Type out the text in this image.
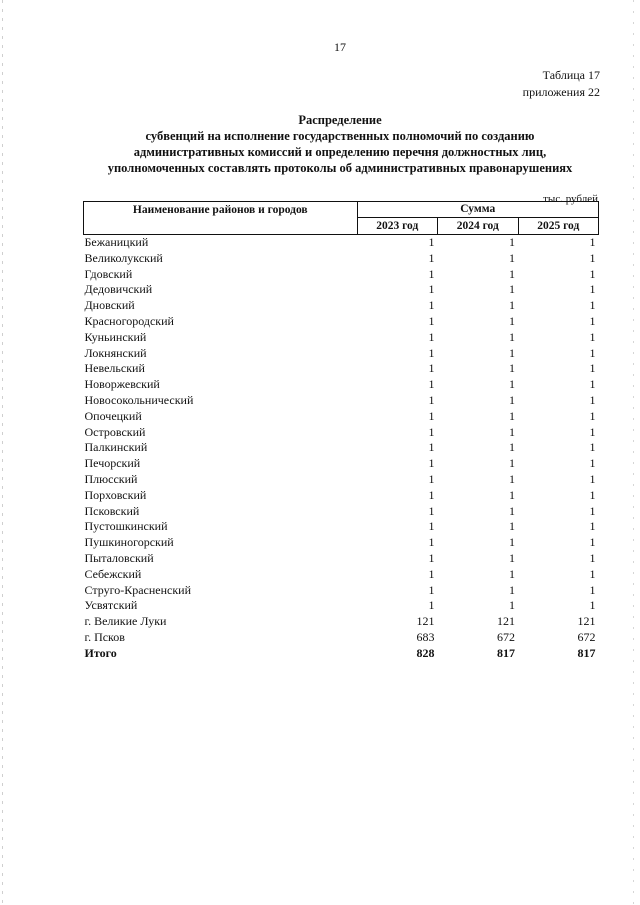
17
Таблица 17
приложения 22
Распределение
субвенций на исполнение государственных полномочий по созданию
административных комиссий и определению перечня должностных лиц,
уполномоченных составлять протоколы об административных правонарушениях
тыс. рублей
Наименование районов и городов	Сумма		
	2023 год	2024 год	2025 год
Бежаницкий	1	1	1
Великолукский	1	1	1
Гдовский	1	1	1
Дедовичский	1	1	1
Дновский	1	1	1
Красногородский	1	1	1
Куньинский	1	1	1
Локнянский	1	1	1
Невельский	1	1	1
Новоржевский	1	1	1
Новосокольнический	1	1	1
Опочецкий	1	1	1
Островский	1	1	1
Палкинский	1	1	1
Печорский	1	1	1
Плюсский	1	1	1
Порховский	1	1	1
Псковский	1	1	1
Пустошкинский	1	1	1
Пушкиногорский	1	1	1
Пыталовский	1	1	1
Себежский	1	1	1
Струго-Красненский	1	1	1
Усвятский	1	1	1
г. Великие Луки	121	121	121
г. Псков	683	672	672
Итого	828	817	817
